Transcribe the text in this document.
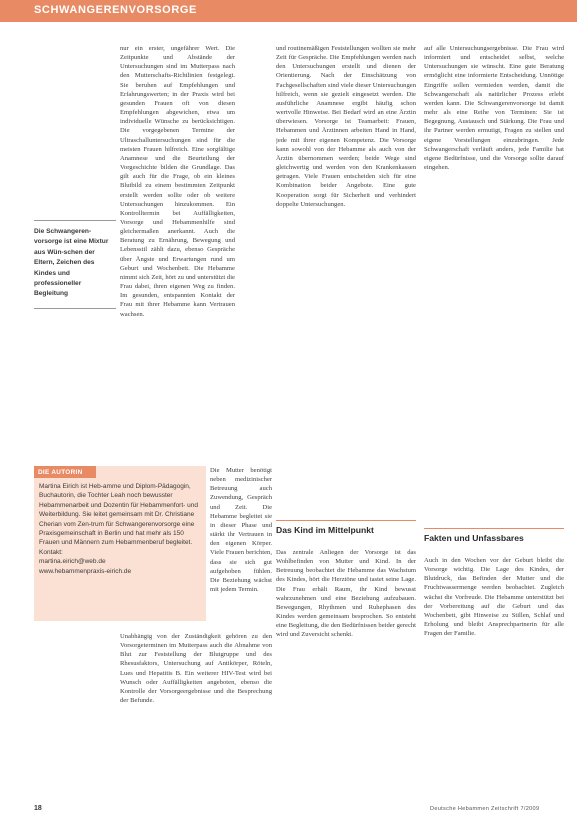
SCHWANGERENVORSORGE

nur ein erster, ungefährer Wert. Die Zeitpunkte und Abstände der Untersuchungen sind im Mutterpass nach den Mutterschafts-Richtlinien festgelegt. Sie beruhen auf Empfehlungen und Erfahrungswerten; in der Praxis wird bei gesunden Frauen oft von diesen Empfehlungen abgewichen, etwa um individuelle Wünsche zu berücksichtigen. Die vorgegebenen Termine der Ultraschalluntersuchungen sind für die meisten Frauen hilfreich. Eine sorgfältige Anamnese und die Beurteilung der Vorgeschichte bilden die Grundlage. Das gilt auch für die Frage, ob ein kleines Blutbild zu einem bestimmten Zeitpunkt erstellt werden sollte oder ob weitere Untersuchungen hinzukommen. Ein Kontrolltermin bei Auffälligkeiten, Vorsorge und Hebammenhilfe sind gleichermaßen anerkannt. Auch die Beratung zu Ernährung, Bewegung und Lebensstil zählt dazu, ebenso Gespräche über Ängste und Erwartungen rund um Geburt und Wochenbett. Die Hebamme nimmt sich Zeit, hört zu und unterstützt die Frau dabei, ihren eigenen Weg zu finden. Im gesunden, entspannten Kontakt der Frau mit ihrer Hebamme kann Vertrauen wachsen.

Die Schwangeren-vorsorge ist eine Mixtur aus Wün-schen der Eltern, Zeichen des Kindes und professioneller Begleitung
DIE AUTORIN
Martina Eirich ist Heb-amme und Diplom-Pädagogin, Buchautorin, die Tochter Leah noch bewusster Hebammenarbeit und Dozentin für Hebammenfort- und Weiterbildung. Sie leitet gemeinsam mit Dr. Christiane Cherian vom Zen-trum für Schwangerenvorsorge eine Praxisgemeinschaft in Berlin und hat mehr als 150 Frauen und Männern zum Hebammenberuf begleitet.
Kontakt:
martina.eirich@web.de
www.hebammenpraxis-eirich.de

Die Mutter benötigt neben medizinischer Betreuung auch Zuwendung, Gespräch und Zeit. Die Hebamme begleitet sie in dieser Phase und stärkt ihr Vertrauen in den eigenen Körper. Viele Frauen berichten, dass sie sich gut aufgehoben fühlen. Die Beziehung wächst mit jedem Termin.

Unabhängig von der Zuständigkeit gehören zu den Vorsorgeterminen im Mutterpass auch die Abnahme von Blut zur Feststellung der Blutgruppe und des Rhesusfaktors, Untersuchung auf Antikörper, Röteln, Lues und Hepatitis B. Ein weiterer HIV-Test wird bei Wunsch oder Auffälligkeiten angeboten, ebenso die Kontrolle der Vorsorgeergebnisse und die Besprechung der Befunde.

und routinemäßigen Feststellungen wollten sie mehr Zeit für Gespräche. Die Empfehlungen werden nach den Untersuchungen erstellt und dienen der Orientierung. Nach der Einschätzung von Fachgesellschaften sind viele dieser Untersuchungen hilfreich, wenn sie gezielt eingesetzt werden. Die ausführliche Anamnese ergibt häufig schon wertvolle Hinweise. Bei Bedarf wird an eine Ärztin überwiesen. Vorsorge ist Teamarbeit: Frauen, Hebammen und Ärztinnen arbeiten Hand in Hand, jede mit ihrer eigenen Kompetenz. Die Vorsorge kann sowohl von der Hebamme als auch von der Ärztin übernommen werden; beide Wege sind gleichwertig und werden von den Krankenkassen getragen. Viele Frauen entscheiden sich für eine Kombination beider Angebote. Eine gute Kooperation sorgt für Sicherheit und verhindert doppelte Untersuchungen.

Das Kind im Mittelpunkt

Das zentrale Anliegen der Vorsorge ist das Wohlbefinden von Mutter und Kind. In der Betreuung beobachtet die Hebamme das Wachstum des Kindes, hört die Herztöne und tastet seine Lage. Die Frau erhält Raum, ihr Kind bewusst wahrzunehmen und eine Beziehung aufzubauen. Bewegungen, Rhythmen und Ruhephasen des Kindes werden gemeinsam besprochen. So entsteht eine Begleitung, die den Bedürfnissen beider gerecht wird und Zuversicht schenkt.

auf alle Untersuchungsergebnisse. Die Frau wird informiert und entscheidet selbst, welche Untersuchungen sie wünscht. Eine gute Beratung ermöglicht eine informierte Entscheidung. Unnötige Eingriffe sollen vermieden werden, damit die Schwangerschaft als natürlicher Prozess erlebt werden kann. Die Schwangerenvorsorge ist damit mehr als eine Reihe von Terminen: Sie ist Begegnung, Austausch und Stärkung. Die Frau und ihr Partner werden ermutigt, Fragen zu stellen und eigene Vorstellungen einzubringen. Jede Schwangerschaft verläuft anders, jede Familie hat eigene Bedürfnisse, und die Vorsorge sollte darauf eingehen.

Fakten und Unfassbares

Auch in den Wochen vor der Geburt bleibt die Vorsorge wichtig. Die Lage des Kindes, der Blutdruck, das Befinden der Mutter und die Fruchtwassermenge werden beobachtet. Zugleich wächst die Vorfreude. Die Hebamme unterstützt bei der Vorbereitung auf die Geburt und das Wochenbett, gibt Hinweise zu Stillen, Schlaf und Erholung und bleibt Ansprechpartnerin für alle Fragen der Familie.

18	Deutsche Hebammen Zeitschrift 7/2009
